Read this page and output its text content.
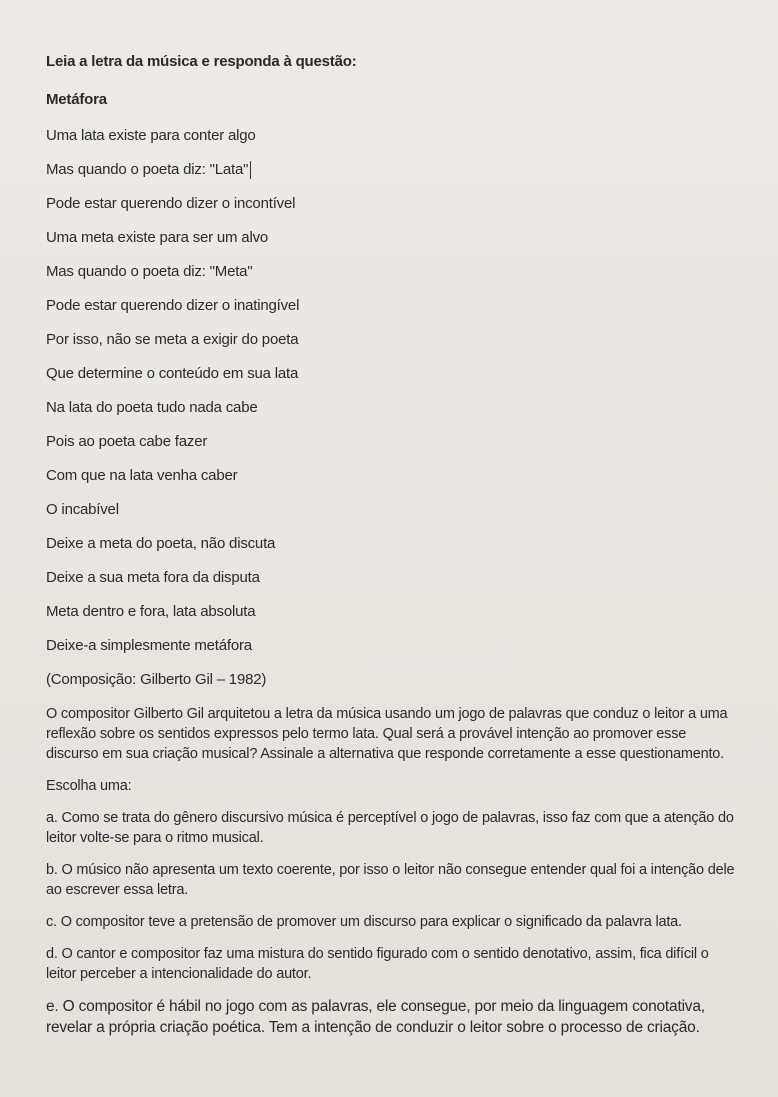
Leia a letra da música e responda à questão:
Metáfora
Uma lata existe para conter algo
Mas quando o poeta diz: "Lata"
Pode estar querendo dizer o incontível
Uma meta existe para ser um alvo
Mas quando o poeta diz: "Meta"
Pode estar querendo dizer o inatingível
Por isso, não se meta a exigir do poeta
Que determine o conteúdo em sua lata
Na lata do poeta tudo nada cabe
Pois ao poeta cabe fazer
Com que na lata venha caber
O incabível
Deixe a meta do poeta, não discuta
Deixe a sua meta fora da disputa
Meta dentro e fora, lata absoluta
Deixe-a simplesmente metáfora
(Composição: Gilberto Gil – 1982)
O compositor Gilberto Gil arquitetou a letra da música usando um jogo de palavras que conduz o leitor a uma reflexão sobre os sentidos expressos pelo termo lata. Qual será a provável intenção ao promover esse discurso em sua criação musical? Assinale a alternativa que responde corretamente a esse questionamento.
Escolha uma:
a. Como se trata do gênero discursivo música é perceptível o jogo de palavras, isso faz com que a atenção do leitor volte-se para o ritmo musical.
b. O músico não apresenta um texto coerente, por isso o leitor não consegue entender qual foi a intenção dele ao escrever essa letra.
c. O compositor teve a pretensão de promover um discurso para explicar o significado da palavra lata.
d. O cantor e compositor faz uma mistura do sentido figurado com o sentido denotativo, assim, fica difícil o leitor perceber a intencionalidade do autor.
e. O compositor é hábil no jogo com as palavras, ele consegue, por meio da linguagem conotativa, revelar a própria criação poética. Tem a intenção de conduzir o leitor sobre o processo de criação.
